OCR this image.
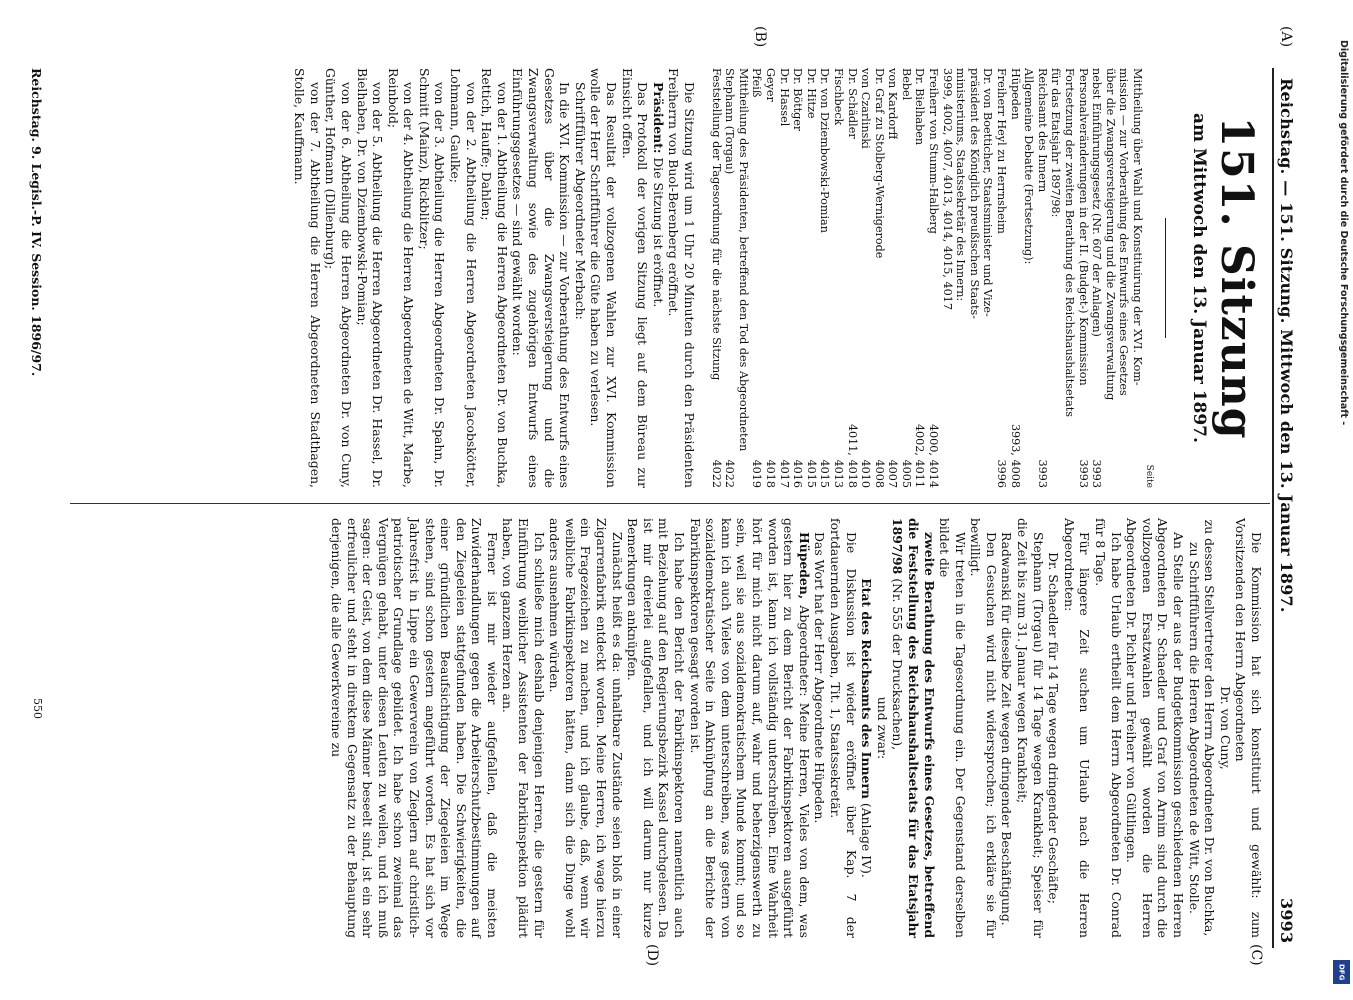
(A)
Reichstag. — 151. Sitzung. Mittwoch den 13. Januar 1897.
3993
151. Sitzung
am Mittwoch den 13. Januar 1897.
Seite
Mittheilung über Wahl und Konstituirung der XVI. Kom-
mission — zur Vorberathung des Entwurfs eines Gesetzes
über die Zwangsversteigerung und die Zwangsverwaltung
nebst Einführungsgesetz (Nr. 607 der Anlagen)
3993
Personalveränderungen in der II. (Budget-) Kommission
3993
Fortsetzung der zweiten Berathung des Reichshaushaltsetats
für das Etatsjahr 1897/98:
Reichsamt des Innern
3993
Allgemeine Debatte (Fortsetzung):
Hüpeden
3993, 4008
Freiherr Heyl zu Herrnsheim
3996
Dr. von Boetticher, Staatsminister und Vize-
präsident des Königlich preußischen Staats-
ministeriums, Staatssekretär des Innern:
3999, 4002, 4007, 4013, 4014, 4015, 4017
Freiherr von Stumm-Halberg
4000, 4014
Dr. Bielhaben
4002, 4011
Bebel
4005
von Kardorff
4007
Dr. Graf zu Stolberg-Wernigerode
4008
von Czarlinski
4010
Dr. Schädler
4011, 4018
Fischbeck
4013
Dr. von Dziembowski-Pomian
4015
Dr. Hitze
4015
Dr. Böttger
4016
Dr. Hassel
4017
Geyer
4018
Pfeiß
4019
Mittheilung des Präsidenten, betreffend den Tod des Abgeordneten
Stephann (Torgau)
4022
Feststellung der Tagesordnung für die nächste Sitzung
4022

Die Sitzung wird um 1 Uhr 20 Minuten durch den Präsidenten Freiherrn von Buol-Berenberg eröffnet.

Präsident: Die Sitzung ist eröffnet.

Das Protokoll der vorigen Sitzung liegt auf dem Büreau zur Einsicht offen.

Das Resultat der vollzogenen Wahlen zur XVI. Kommission wolle der Herr Schriftführer die Güte haben zu verlesen.

Schriftführer Abgeordneter Merbach:

In die XVI. Kommission — zur Vorberathung des Entwurfs eines Gesetzes über die Zwangsversteigerung und die Zwangsverwaltung sowie des zugehörigen Entwurfs eines Einführungsgesetzes — sind gewählt worden:

von der 1. Abtheilung die Herren Abgeordneten Dr. von Buchka, Rettich, Hauffe; Dahlen;

von der 2. Abtheilung die Herren Abgeordneten Jacobskötter, Lohmann, Gaulke;

von der 3. Abtheilung die Herren Abgeordneten Dr. Spahn, Dr. Schmitt (Mainz), Rickblitzer;

von der 4. Abtheilung die Herren Abgeordneten de Witt, Marbe, Reinbold;

von der 5. Abtheilung die Herren Abgeordneten Dr. Hassel, Dr. Bielhaben, Dr. von Dziembowski-Pomian;

von der 6. Abtheilung die Herren Abgeordneten Dr. von Cuny, Günther, Hofmann (Dillenburg);

von der 7. Abtheilung die Herren Abgeordneten Stadthagen, Stolle, Kauffmann.

(B)

Die Kommission hat sich konstituirt und gewählt: zum Vorsitzenden den Herrn Abgeordneten

Dr. von Cuny,

zu dessen Stellvertreter den Herrn Abgeordneten Dr. von Buchka,

zu Schriftführern die Herren Abgeordneten de Witt, Stolle.

An Stelle der aus der Budgetkommission geschiedenen Herren Abgeordneten Dr. Schaedler und Graf von Arnim sind durch die vollzogenen Ersatzwahlen gewählt worden die Herren Abgeordneten Dr. Pichler und Freiherr von Gültlingen.

Ich habe Urlaub ertheilt dem Herrn Abgeordneten Dr. Conrad für 8 Tage.

Für längere Zeit suchen um Urlaub nach die Herren Abgeordneten:

Dr. Schaedler für 14 Tage wegen dringender Geschäfte;

Stephann (Torgau) für 14 Tage wegen Krankheit; Speiser für die Zeit bis zum 31. Januar wegen Krankheit;

Radwanski für dieselbe Zeit wegen dringender Beschäftigung.

Den Gesuchen wird nicht widersprochen; ich erkläre sie für bewilligt.

Wir treten in die Tagesordnung ein. Der Gegenstand derselben bildet die

zweite Berathung des Entwurfs eines Gesetzes, betreffend die Feststellung des Reichshaushaltsetats für das Etatsjahr 1897/98 (Nr. 555 der Drucksachen),

und zwar:

Etat des Reichsamts des Innern (Anlage IV).

Die Diskussion ist wieder eröffnet über Kap. 7 der fortdauernden Ausgaben, Tit. 1, Staatssekretär.

Das Wort hat der Herr Abgeordnete Hüpeden.

Hüpeden, Abgeordneter: Meine Herren, Vieles von dem, was gestern hier zu dem Bericht der Fabrikinspektoren ausgeführt worden ist, kann ich vollständig unterschreiben. Eine Wahrheit hört für mich nicht darum auf, wahr und beherzigenswerth zu sein, weil sie aus sozialdemokratischem Munde kommt; und so kann ich auch Vieles von dem unterschreiben, was gestern von sozialdemokratischer Seite in Anknüpfung an die Berichte der Fabrikinspektoren gesagt worden ist.

Ich habe den Bericht der Fabrikinspektoren namentlich auch mit Beziehung auf den Regierungsbezirk Kassel durchgelesen. Da ist mir dreierlei aufgefallen, und ich will darum nur kurze Bemerkungen anknüpfen.

Zunächst heißt es da: unhaltbare Zustände seien bloß in einer Zigarrenfabrik entdeckt worden. Meine Herren, ich wage hierzu ein Fragezeichen zu machen, und ich glaube, daß, wenn wir weibliche Fabrikinspektoren hätten, dann sich die Dinge wohl anders ausnehmen würden.

Ich schließe mich deshalb denjenigen Herren, die gestern für Einführung weiblicher Assistenten der Fabrikinspektion plädirt haben, von ganzem Herzen an.

Ferner ist mir wieder aufgefallen, daß die meisten Zuwiderhandlungen gegen die Arbeiterschutzbestimmungen auf den Ziegeleien stattgefunden haben. Die Schwierigkeiten, die einer gründlichen Beaufsichtigung der Ziegeleien im Wege stehen, sind schon gestern angeführt worden. Es hat sich vor Jahresfrist in Lippe ein Gewerverein von Zieglern auf christlich-patriotischer Grundlage gebildet. Ich habe schon zweimal das Vergnügen gehabt, unter diesen Leuten zu weilen, und ich muß sagen: der Geist, von dem diese Männer beseelt sind, ist ein sehr erfreulicher und steht in direktem Gegensatz zu der Behauptung derjenigen, die alle Gewerkvereine zu

(C)
(D)
Reichstag. 9. Legisl.-P. IV. Session. 1896/97.
550
Digitalisierung gefördert durch die Deutsche Forschungsgemeinschaft -
DFG
